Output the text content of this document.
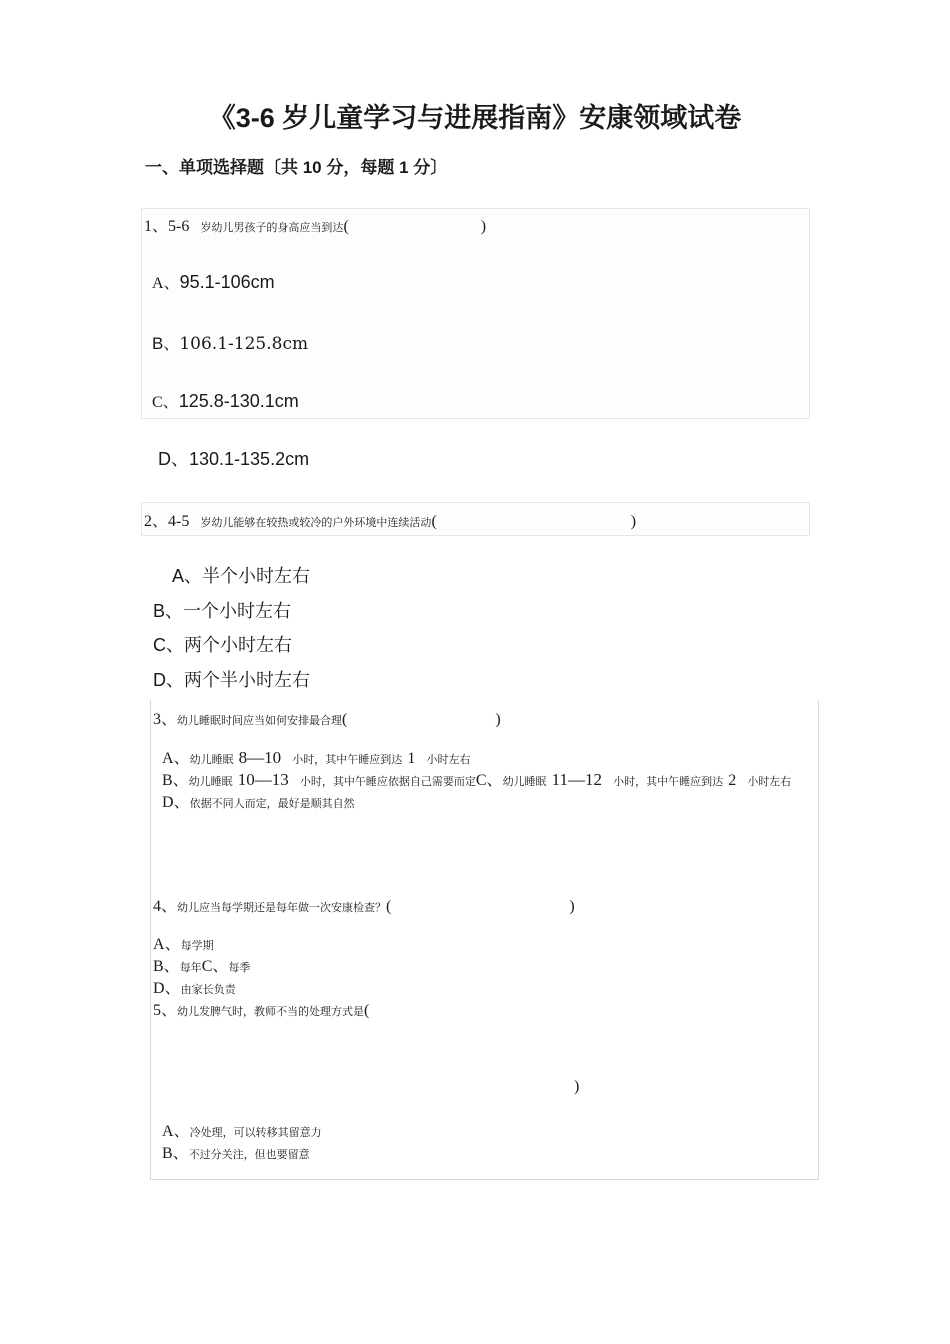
《3-6 岁儿童学习与进展指南》安康领域试卷
一、单项选择题〔共 10 分，每题 1 分〕
1、5-6 岁幼儿男孩子的身高应当到达(	)
A、95.1-106cm
B、106.1-125.8cm
C、125.8-130.1cm
D、130.1-135.2cm
2、4-5 岁幼儿能够在较热或较冷的户外环境中连续活动(	)
A、半个小时左右
B、一个小时左右
C、两个小时左右
D、两个半小时左右
3、幼儿睡眠时间应当如何安排最合理(	)
A、幼儿睡眠 8—10 小时，其中午睡应到达 1 小时左右
B、幼儿睡眠 10—13 小时，其中午睡应依据自己需要而定C、幼儿睡眠 11—12 小时，其中午睡应到达 2 小时左右
D、依据不同人而定，最好是顺其自然
4、幼儿应当每学期还是每年做一次安康检查？(	)
A、每学期
B、每年C、每季
D、由家长负责
5、幼儿发脾气时，教师不当的处理方式是(
)
A、冷处理，可以转移其留意力
B、不过分关注，但也要留意
